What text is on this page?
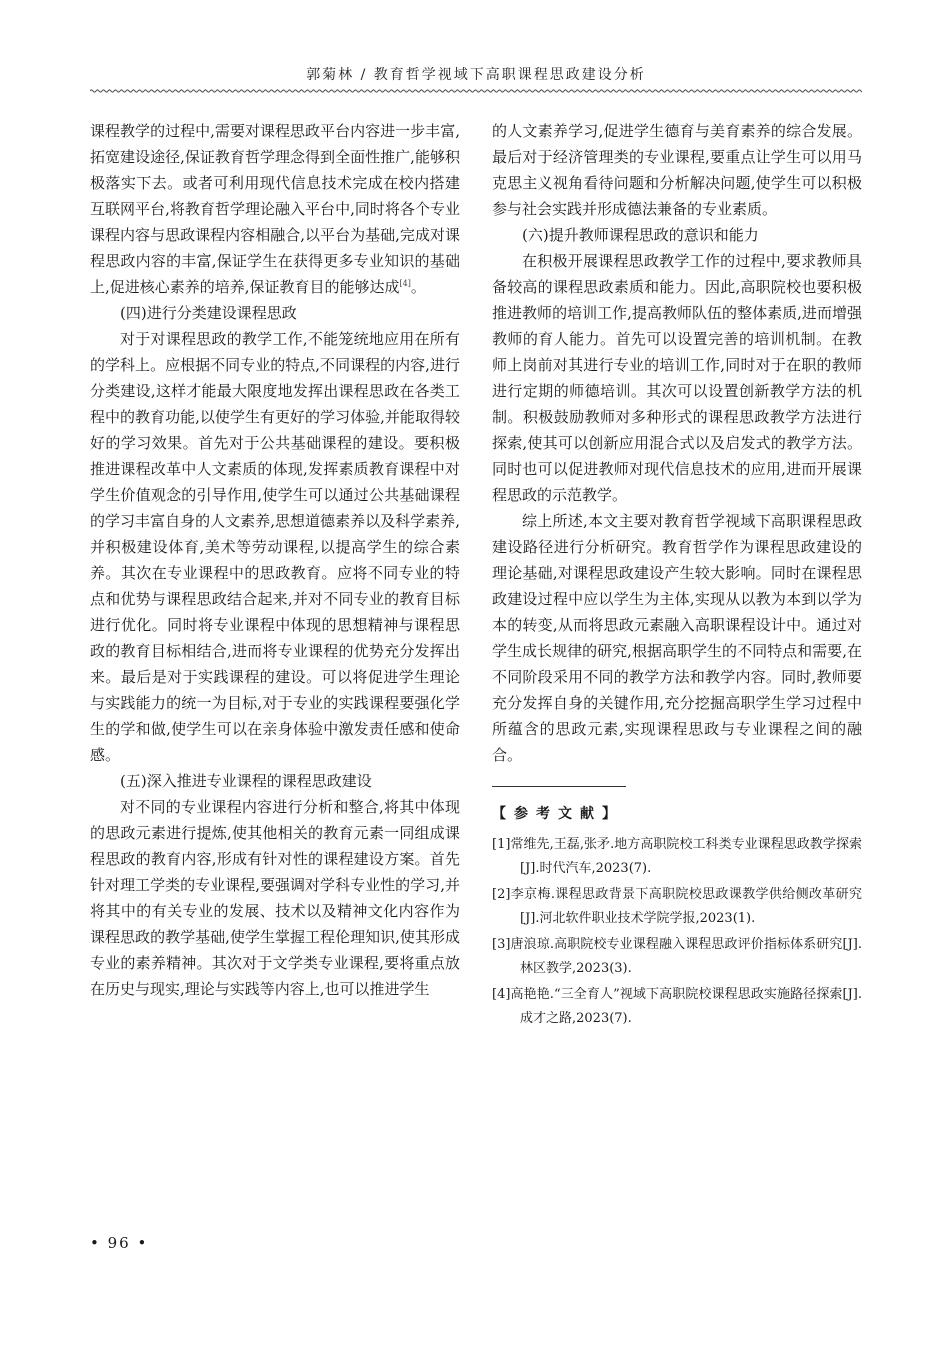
郭菊林 / 教育哲学视域下高职课程思政建设分析

课程教学的过程中,需要对课程思政平台内容进一步丰富,拓宽建设途径,保证教育哲学理念得到全面性推广,能够积极落实下去。或者可利用现代信息技术完成在校内搭建互联网平台,将教育哲学理论融入平台中,同时将各个专业课程内容与思政课程内容相融合,以平台为基础,完成对课程思政内容的丰富,保证学生在获得更多专业知识的基础上,促进核心素养的培养,保证教育目的能够达成[4]。

(四)进行分类建设课程思政

对于对课程思政的教学工作,不能笼统地应用在所有的学科上。应根据不同专业的特点,不同课程的内容,进行分类建设,这样才能最大限度地发挥出课程思政在各类工程中的教育功能,以使学生有更好的学习体验,并能取得较好的学习效果。首先对于公共基础课程的建设。要积极推进课程改革中人文素质的体现,发挥素质教育课程中对学生价值观念的引导作用,使学生可以通过公共基础课程的学习丰富自身的人文素养,思想道德素养以及科学素养,并积极建设体育,美术等劳动课程,以提高学生的综合素养。其次在专业课程中的思政教育。应将不同专业的特点和优势与课程思政结合起来,并对不同专业的教育目标进行优化。同时将专业课程中体现的思想精神与课程思政的教育目标相结合,进而将专业课程的优势充分发挥出来。最后是对于实践课程的建设。可以将促进学生理论与实践能力的统一为目标,对于专业的实践课程要强化学生的学和做,使学生可以在亲身体验中激发责任感和使命感。

(五)深入推进专业课程的课程思政建设

对不同的专业课程内容进行分析和整合,将其中体现的思政元素进行提炼,使其他相关的教育元素一同组成课程思政的教育内容,形成有针对性的课程建设方案。首先针对理工学类的专业课程,要强调对学科专业性的学习,并将其中的有关专业的发展、技术以及精神文化内容作为课程思政的教学基础,使学生掌握工程伦理知识,使其形成专业的素养精神。其次对于文学类专业课程,要将重点放在历史与现实,理论与实践等内容上,也可以推进学生

的人文素养学习,促进学生德育与美育素养的综合发展。最后对于经济管理类的专业课程,要重点让学生可以用马克思主义视角看待问题和分析解决问题,使学生可以积极参与社会实践并形成德法兼备的专业素质。

(六)提升教师课程思政的意识和能力

在积极开展课程思政教学工作的过程中,要求教师具备较高的课程思政素质和能力。因此,高职院校也要积极推进教师的培训工作,提高教师队伍的整体素质,进而增强教师的育人能力。首先可以设置完善的培训机制。在教师上岗前对其进行专业的培训工作,同时对于在职的教师进行定期的师德培训。其次可以设置创新教学方法的机制。积极鼓励教师对多种形式的课程思政教学方法进行探索,使其可以创新应用混合式以及启发式的教学方法。同时也可以促进教师对现代信息技术的应用,进而开展课程思政的示范教学。

综上所述,本文主要对教育哲学视域下高职课程思政建设路径进行分析研究。教育哲学作为课程思政建设的理论基础,对课程思政建设产生较大影响。同时在课程思政建设过程中应以学生为主体,实现从以教为本到以学为本的转变,从而将思政元素融入高职课程设计中。通过对学生成长规律的研究,根据高职学生的不同特点和需要,在不同阶段采用不同的教学方法和教学内容。同时,教师要充分发挥自身的关键作用,充分挖掘高职学生学习过程中所蕴含的思政元素,实现课程思政与专业课程之间的融合。

【参考文献】
[1]常维先,王磊,张矛.地方高职院校工科类专业课程思政教学探索[J].时代汽车,2023(7).
[2]李京梅.课程思政背景下高职院校思政课教学供给侧改革研究[J].河北软件职业技术学院学报,2023(1).
[3]唐浪琼.高职院校专业课程融入课程思政评价指标体系研究[J].林区教学,2023(3).
[4]高艳艳.“三全育人”视域下高职院校课程思政实施路径探索[J].成才之路,2023(7).
• 96 •
